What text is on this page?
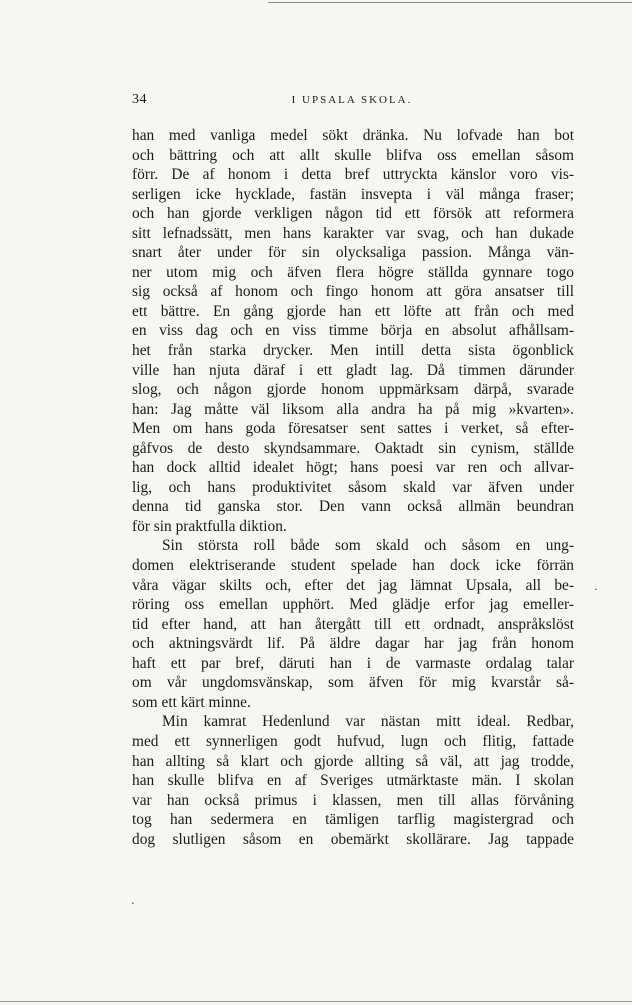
34	I UPSALA SKOLA.
han med vanliga medel sökt dränka. Nu lofvade han bot
och bättring och att allt skulle blifva oss emellan såsom
förr. De af honom i detta bref uttryckta känslor voro vis-
serligen icke hycklade, fastän insvepta i väl många fraser;
och han gjorde verkligen någon tid ett försök att reformera
sitt lefnadssätt, men hans karakter var svag, och han dukade
snart åter under för sin olycksaliga passion. Många vän-
ner utom mig och äfven flera högre ställda gynnare togo
sig också af honom och fingo honom att göra ansatser till
ett bättre. En gång gjorde han ett löfte att från och med
en viss dag och en viss timme börja en absolut afhållsam-
het från starka drycker. Men intill detta sista ögonblick
ville han njuta däraf i ett gladt lag. Då timmen därunder
slog, och någon gjorde honom uppmärksam därpå, svarade
han: Jag måtte väl liksom alla andra ha på mig »kvarten».
Men om hans goda föresatser sent sattes i verket, så efter-
gåfvos de desto skyndsammare. Oaktadt sin cynism, ställde
han dock alltid idealet högt; hans poesi var ren och allvar-
lig, och hans produktivitet såsom skald var äfven under
denna tid ganska stor. Den vann också allmän beundran
för sin praktfulla diktion.
Sin största roll både som skald och såsom en ung-
domen elektriserande student spelade han dock icke förrän
våra vägar skilts och, efter det jag lämnat Upsala, all be-
röring oss emellan upphört. Med glädje erfor jag emeller-
tid efter hand, att han återgått till ett ordnadt, anspråkslöst
och aktningsvärdt lif. På äldre dagar har jag från honom
haft ett par bref, däruti han i de varmaste ordalag talar
om vår ungdomsvänskap, som äfven för mig kvarstår så-
som ett kärt minne.
Min kamrat Hedenlund var nästan mitt ideal. Redbar,
med ett synnerligen godt hufvud, lugn och flitig, fattade
han allting så klart och gjorde allting så väl, att jag trodde,
han skulle blifva en af Sveriges utmärktaste män. I skolan
var han också primus i klassen, men till allas förvåning
tog han sedermera en tämligen tarflig magistergrad och
dog slutligen såsom en obemärkt skollärare. Jag tappade
․
․
